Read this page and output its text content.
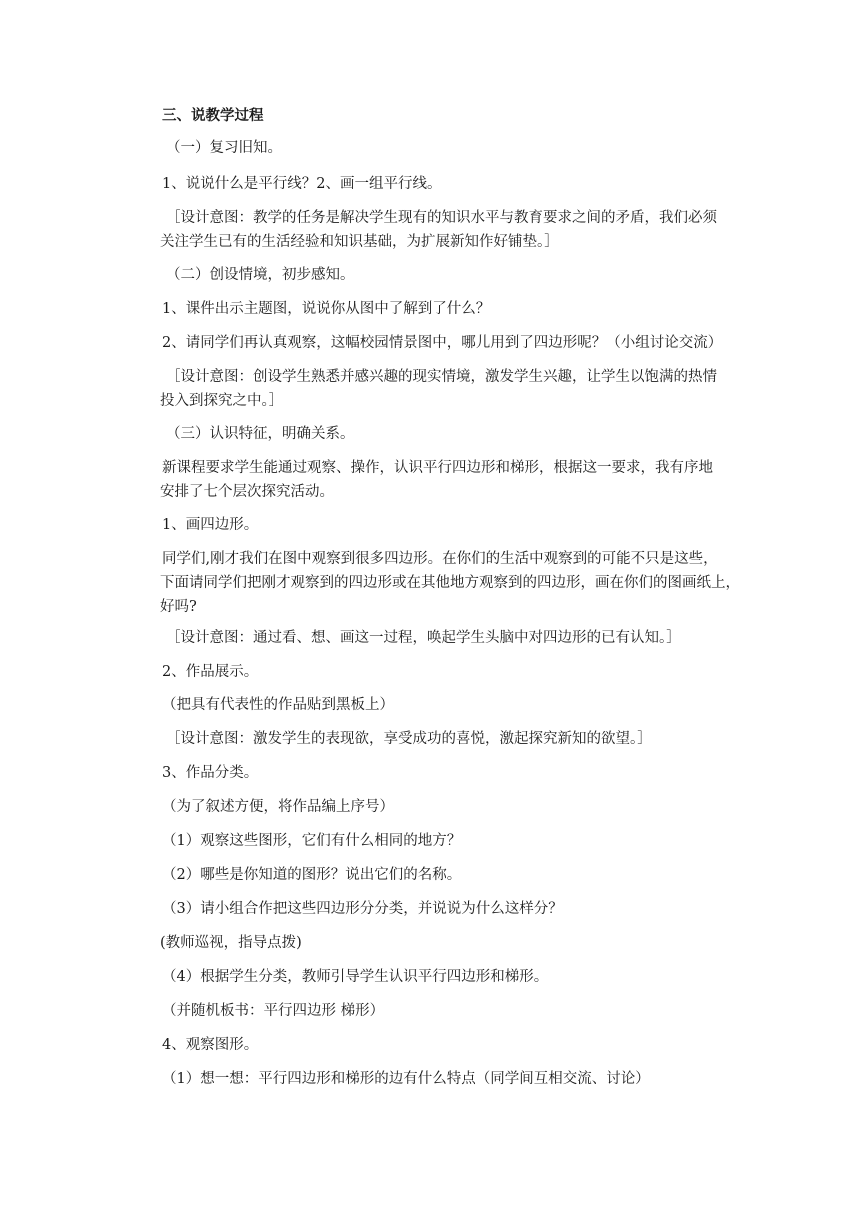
三、说教学过程
（一）复习旧知。
1、说说什么是平行线？2、画一组平行线。
［设计意图：教学的任务是解决学生现有的知识水平与教育要求之间的矛盾，我们必须
关注学生已有的生活经验和知识基础，为扩展新知作好铺垫。］
（二）创设情境，初步感知。
1、课件出示主题图，说说你从图中了解到了什么？
2、请同学们再认真观察，这幅校园情景图中，哪儿用到了四边形呢？（小组讨论交流）
［设计意图：创设学生熟悉并感兴趣的现实情境，激发学生兴趣，让学生以饱满的热情
投入到探究之中。］
（三）认识特征，明确关系。
新课程要求学生能通过观察、操作，认识平行四边形和梯形，根据这一要求，我有序地
安排了七个层次探究活动。
1、画四边形。
同学们,刚才我们在图中观察到很多四边形。在你们的生活中观察到的可能不只是这些，
下面请同学们把刚才观察到的四边形或在其他地方观察到的四边形，画在你们的图画纸上，
好吗?
［设计意图：通过看、想、画这一过程，唤起学生头脑中对四边形的已有认知。］
2、作品展示。
（把具有代表性的作品贴到黑板上）
［设计意图：激发学生的表现欲，享受成功的喜悦，激起探究新知的欲望。］
3、作品分类。
（为了叙述方便，将作品编上序号）
（1）观察这些图形，它们有什么相同的地方？
（2）哪些是你知道的图形？说出它们的名称。
（3）请小组合作把这些四边形分分类，并说说为什么这样分？
(教师巡视，指导点拨)
（4）根据学生分类，教师引导学生认识平行四边形和梯形。
（并随机板书：平行四边形 梯形）
4、观察图形。
（1）想一想：平行四边形和梯形的边有什么特点（同学间互相交流、讨论）
